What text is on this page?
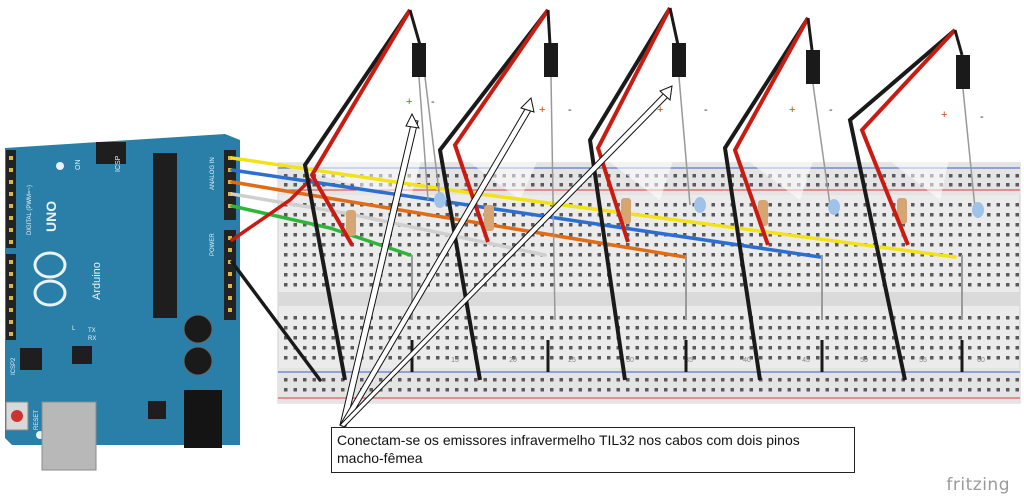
15	20	25	30	35	40	45	50	55	60
ICSP
ICSP2
UNO
Arduino
ON
DIGITAL (PWM=~)
ANALOG IN
POWER
TX
RX
L
RESET
+ -
+ -	+	-	+	-	+	-
Conectam-se os emissores infravermelho TIL32 nos cabos com dois pinos
macho-fêmea
fritzing
